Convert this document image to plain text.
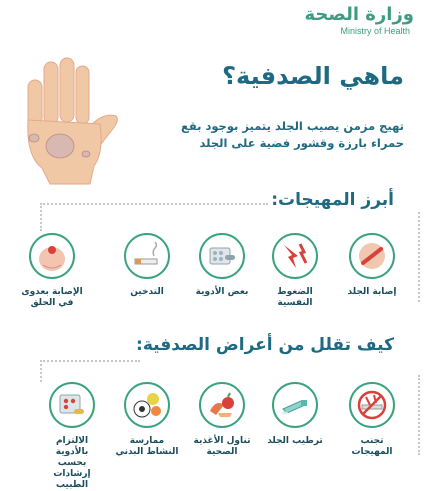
وزارة الصحة
Ministry of Health
ماهي الصدفية؟
تهيج مزمن يصيب الجلد يتميز بوجود بقع حمراء بارزة وقشور فضية على الجلد
أبرز المهيجات:
إصابة الجلد
الضغوط النفسية
بعض الأدوية
التدخين
الإصابة بعدوى في الحلق
كيف تقلل من أعراض الصدفية:
تجنب المهيجات
ترطيب الجلد
تناول الأغذية الصحية
ممارسة النشاط البدني
الالتزام بالأدوية بحسب إرشادات الطبيب
